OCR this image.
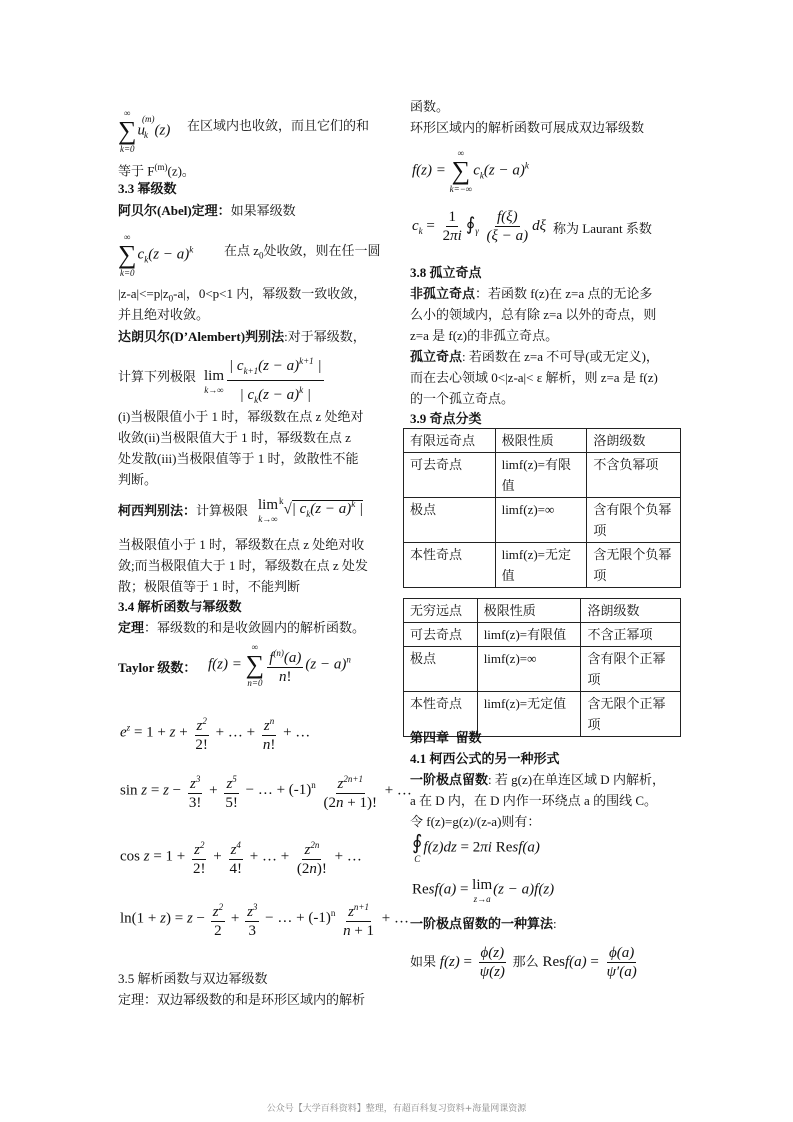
∞
∑
k=0
$u_k^{(m)}(z)$ 在区域内也收敛，而且它们的和
等于 $F^{(m)}(z)$。
3.3 幂级数
阿贝尔(Abel)定理：如果幂级数
∞
∑
k=0
$c_k(z - a)^k$ 在点 $z_0$处收敛，则在任一圆
$|z-a|<=p|z_0-a|$，0<p<1 内，幂级数一致收敛，
并且绝对收敛。
达朗贝尔(D’Alembert)判别法:对于幂级数，
计算下列极限 lim
$k\to\infty \frac{| c_{k+1}(z - a)^{k+1} |}{| c_k(z - a)^k |}$
(i)当极限值小于 1 时，幂级数在点 z 处绝对
收敛(ii)当极限值大于 1 时，幂级数在点 z
处发散(iii)当极限值等于 1 时，敛散性不能
判断。
柯西判别法：计算极限 lim
k→∞
$^k$√| $c_k(z - a)^k$ |
当极限值小于 1 时，幂级数在点 z 处绝对收
敛;而当极限值大于 1 时，幂级数在点 z 处发
散；极限值等于 1 时，不能判断
3.4 解析函数与幂级数
定理：幂级数的和是收敛圆内的解析函数。
Taylor 级数： f(z) =
∞
∑
$n=0 \frac{f^{(n)}(a)}{n!} (z - a)^n$
$e^z = 1 + z + \frac{z^2}{2!}$ + … + $\frac{z^n}{n!}$ + …
$\sin z = z - \frac{z^3}{3!} + \frac{z^5}{5!}$ − … + $(-1)^n \frac{z^{2n+1}}{(2n + 1)!}$ + …
$\cos z = 1 + \frac{z^2}{2!} + \frac{z^4}{4!}$ + … + $\frac{z^{2n}}{(2n)!}$ + …
$\ln(1 + z) = z - \frac{z^2}{2} + \frac{z^3}{3}$ − … + $(-1)^n \frac{z^{n+1}}{n + 1}$ + …
3.5 解析函数与双边幂级数
定理：双边幂级数的和是环形区域内的解析
函数。
环形区域内的解析函数可展成双边幂级数
f(z) =
∞
∑
k=−∞
$c_k(z - a)^k$
$c_k = \frac{1}{2\pi i}$ $∮_\gamma \frac{f(\xi)}{(\xi - a)}$ dξ 称为 Laurant 系数
3.8 孤立奇点
非孤立奇点：若函数 f(z)在 z=a 点的无论多
么小的领域内，总有除 z=a 以外的奇点，则
z=a 是 f(z)的非孤立奇点。
孤立奇点: 若函数在 z=a 不可导(或无定义)，
而在去心领域 0<|z-a|< ε 解析，则 z=a 是 f(z)
的一个孤立奇点。
3.9 奇点分类
有限远奇点	极限性质	洛朗级数
可去奇点	limf(z)=有限值	不含负幂项
极点	limf(z)=∞	含有限个负幂项
本性奇点	limf(z)=无定值	含无限个负幂项
无穷远点	极限性质	洛朗级数
可去奇点	limf(z)=有限值	不含正幂项
极点	limf(z)=∞	含有限个正幂项
本性奇点	limf(z)=无定值	含无限个正幂项
第四章  留数
4.1 柯西公式的另一种形式
一阶极点留数: 若 g(z)在单连区域 D 内解析，
a 在 D 内，在 D 内作一环绕点 a 的围线 C。
令 f(z)=g(z)/(z-a)则有：
∮
C
f(z)dz = 2πi Resf(a)
Resf(a) = lim
z→a
(z − a)f(z)
一阶极点留数的一种算法:
如果 $f(z) = \frac{\phi(z)}{\psi(z)}$ 那么 Resf(a) = $\frac{\phi(a)}{\psi'(a)}$
公众号【大学百科资料】整理，有超百科复习资料+海量网课资源
